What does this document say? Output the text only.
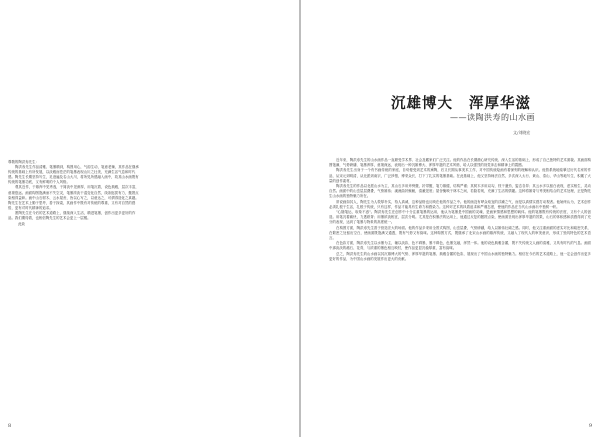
尊敬的陶洪寿先生：

陶洪寿先生作品清雅、笔墨精到，构图用心，气韵生动，笔意老辣，其作品在继承传统的基础上有所发展，以淡雅而苍茫的笔墨表现山川之壮美，充满生活气息和时代感。陶先生长期坚持写生，足迹遍及名山大川，将所见所感融入画中，故其山水画既有传统的笔墨功底，又有鲜明的个人风格。

观其近作，于雄浑中见秀逸，于简淡中见深厚，用笔沉着，设色典雅，层次丰富，意境悠远。画面构图饱满而不失空灵，笔墨浓淡干湿变化自然，线条挺拔有力，皴擦点染相得益彰。画中山石树木、云水屋舍，皆以心写之，以意达之，可谓得造化之真趣。陶先生在艺术上勤于思考，善于探索，其画作中既有对传统的尊重，又有对自然的感悟，更有对时代精神的追求。

愿陶先生在今后的艺术道路上，继续深入生活，精进笔墨，创作出更多更好的作品。我们期待着，也相信陶先生的艺术会更上一层楼。

此致

8
沉雄博大 浑厚华滋
——读陶洪寿的山水画
文/刘晓宏

近年来，陶洪寿先生的山水画作品一直颇受学术界、社会及藏家们广泛关注。他的作品在长期潜心研究传统、深入生活的基础上，形成了自己独特的艺术面貌。其画面构图饱满，气势磅礴，笔墨浑厚，意境深远，表现出一种沉雄博大、浑厚华滋的艺术风格，给人以强烈的视觉冲击和精神上的震撼。

陶洪寿先生出身于一个有书画传统的家庭，自幼便受到艺术的熏陶，后又长期从事美术工作，对中国传统绘画有着深刻的理解和认识。他曾系统地临摹过历代名家的作品，从宋元到明清，从北派到南宗，广泛涉猎，博采众长，打下了扎实的笔墨基础。在此基础上，他又坚持师法自然，多次深入太行、黄山、泰山、华山等地写生，积累了大量的创作素材。

陶洪寿先生的作品以北派山水为主，其山石多用斧劈皴、折带皴，笔力雄健，结构严谨；其树木多用双勾，枝干遒劲，姿态各异；其云水多以留白表现，虚实相生，灵动自然。画面中的山峦层层叠叠，气势雄伟；溪流曲折蜿蜒，清澈见底；屋舍掩映于林木之间，若隐若现，充满了生活的情趣。这种将雄奇与秀美相结合的艺术处理，正是陶先生山水画的独特魅力所在。

常说画如其人，陶先生为人敦厚朴实，待人真诚，这种品格也反映在他的作品之中。他的画没有哗众取宠的浮躁之气，而是以真情实感打动观者。他始终认为，艺术创作必须扎根于生活，扎根于传统，只有这样，作品才能具有生命力和感染力。这种对艺术的执着追求和严谨态度，使他的作品在当代山水画坛中独树一帜。

"心随笔运，取象不惑"。陶洪寿先生在创作中十分注重笔墨的运用，他认为笔墨是中国画的灵魂，是画家情感和思想的载体。他的笔墨既有传统的法度，又有个人的创造。用笔沉着痛快，力透纸背；用墨浓淡相宜，层次分明。尤其是在积墨法的运用上，他通过反复的皴擦点染，使画面呈现出浑厚华滋的效果，山石的体积感和质感得到了充分的表现，达到了笔墨与物象的高度统一。

在构图方面，陶洪寿先生善于营造宏大的场面。他的作品多采用全景式构图，山峦层叠，气势磅礴，给人以雄伟壮阔之感。同时，他又注重画面的虚实对比和疏密关系，在繁密之处留出空白，使画面既饱满又通透，既有气势又有韵味。这种构图方式，既继承了北宋山水画的雄浑传统，又融入了现代人的审美意识，形成了独具特色的艺术语言。

在色彩方面，陶洪寿先生以水墨为主，辅以淡彩，色不碍墨，墨不碍色，色墨交融，浑然一体。他的设色典雅含蓄，既不失传统文人画的清雅，又具有时代的气息。画面中那淡淡的赭石、花青，与浓重的墨色相互映衬，使作品更显沉稳厚重，富有韵味。

总之，陶洪寿先生的山水画以其沉雄博大的气势、浑厚华滋的笔墨、典雅含蓄的色彩，展现出了中国山水画的独特魅力。相信在今后的艺术道路上，他一定会创作出更多更好的作品，为中国山水画的发展作出更大的贡献。

9
